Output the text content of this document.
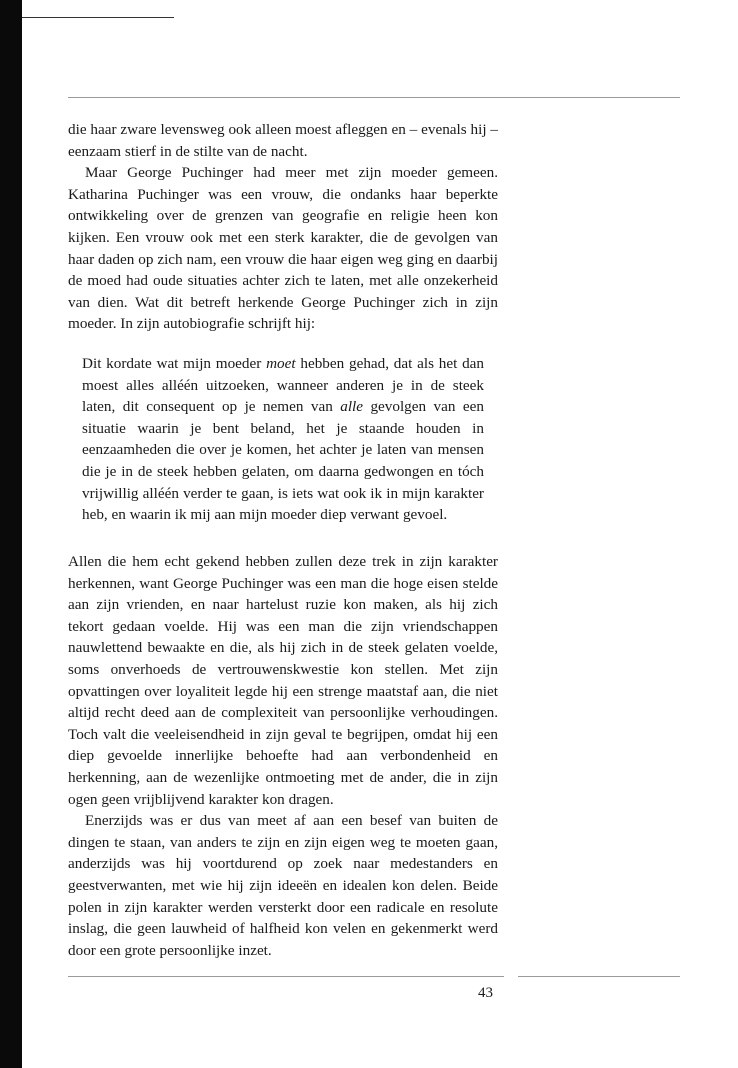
die haar zware levensweg ook alleen moest afleggen en – evenals hij – eenzaam stierf in de stilte van de nacht.

Maar George Puchinger had meer met zijn moeder gemeen. Katharina Puchinger was een vrouw, die ondanks haar beperkte ontwikkeling over de grenzen van geografie en religie heen kon kijken. Een vrouw ook met een sterk karakter, die de gevolgen van haar daden op zich nam, een vrouw die haar eigen weg ging en daarbij de moed had oude situaties achter zich te laten, met alle onzekerheid van dien. Wat dit betreft herkende George Puchinger zich in zijn moeder. In zijn autobiografie schrijft hij:

Dit kordate wat mijn moeder moet hebben gehad, dat als het dan moest alles alléén uitzoeken, wanneer anderen je in de steek laten, dit consequent op je nemen van alle gevolgen van een situatie waarin je bent beland, het je staande houden in eenzaamheden die over je komen, het achter je laten van mensen die je in de steek hebben gelaten, om daarna gedwongen en tóch vrijwillig alléén verder te gaan, is iets wat ook ik in mijn karakter heb, en waarin ik mij aan mijn moeder diep verwant gevoel.

Allen die hem echt gekend hebben zullen deze trek in zijn karakter herkennen, want George Puchinger was een man die hoge eisen stelde aan zijn vrienden, en naar hartelust ruzie kon maken, als hij zich tekort gedaan voelde. Hij was een man die zijn vriendschappen nauwlettend bewaakte en die, als hij zich in de steek gelaten voelde, soms onverhoeds de vertrouwenskwestie kon stellen. Met zijn opvattingen over loyaliteit legde hij een strenge maatstaf aan, die niet altijd recht deed aan de complexiteit van persoonlijke verhoudingen. Toch valt die veeleisendheid in zijn geval te begrijpen, omdat hij een diep gevoelde innerlijke behoefte had aan verbondenheid en herkenning, aan de wezenlijke ontmoeting met de ander, die in zijn ogen geen vrijblijvend karakter kon dragen.

Enerzijds was er dus van meet af aan een besef van buiten de dingen te staan, van anders te zijn en zijn eigen weg te moeten gaan, anderzijds was hij voortdurend op zoek naar medestanders en geestverwanten, met wie hij zijn ideeën en idealen kon delen. Beide polen in zijn karakter werden versterkt door een radicale en resolute inslag, die geen lauwheid of halfheid kon velen en gekenmerkt werd door een grote persoonlijke inzet.

43
